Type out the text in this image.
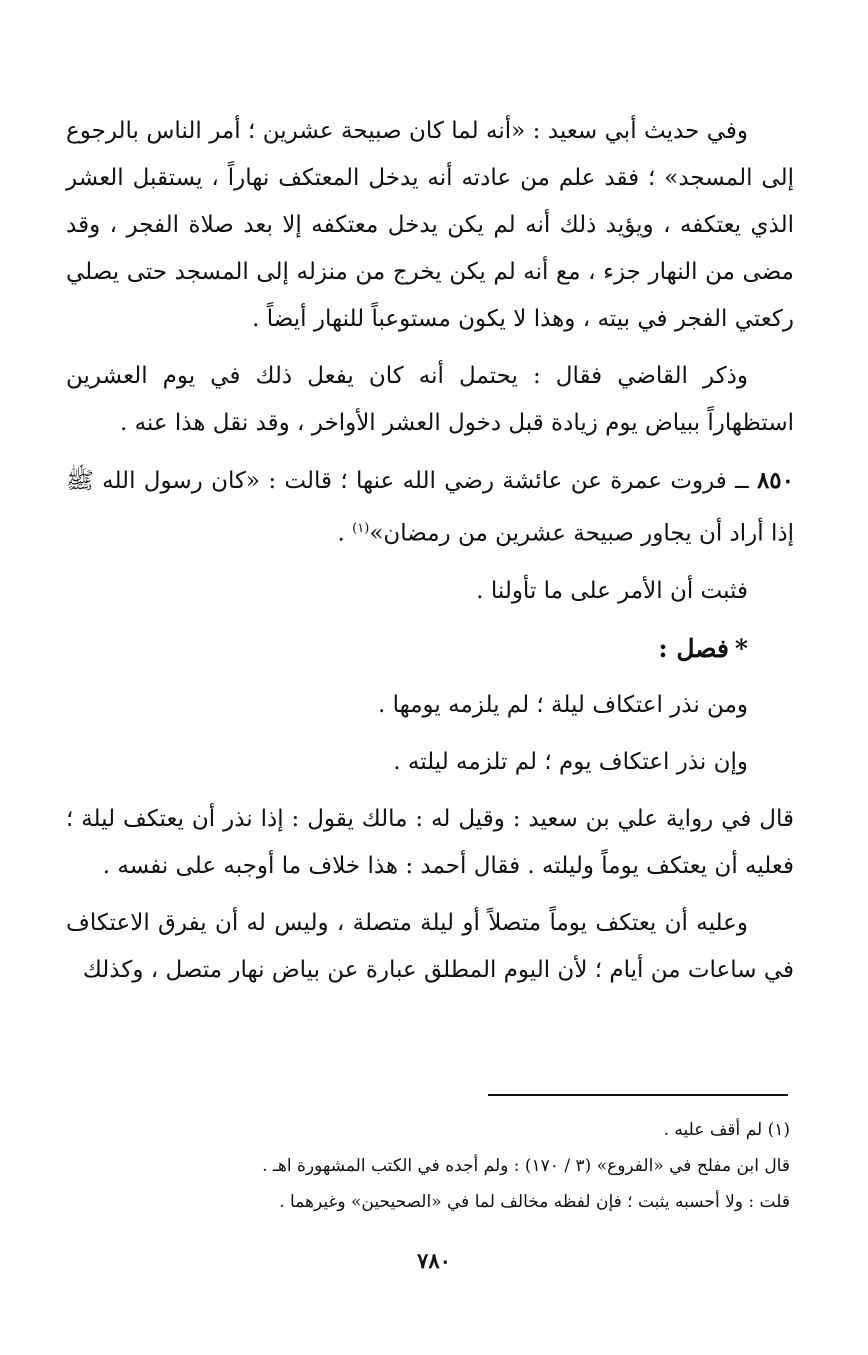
وفي حديث أبي سعيد : «أنه لما كان صبيحة عشرين ؛ أمر الناس بالرجوع إلى المسجد» ؛ فقد علم من عادته أنه يدخل المعتكف نهاراً ، يستقبل العشر الذي يعتكفه ، ويؤيد ذلك أنه لم يكن يدخل معتكفه إلا بعد صلاة الفجر ، وقد مضى من النهار جزء ، مع أنه لم يكن يخرج من منزله إلى المسجد حتى يصلي ركعتي الفجر في بيته ، وهذا لا يكون مستوعباً للنهار أيضاً .

وذكر القاضي فقال : يحتمل أنه كان يفعل ذلك في يوم العشرين استظهاراً ببياض يوم زيادة قبل دخول العشر الأواخر ، وقد نقل هذا عنه .

٨٥٠ ــ فروت عمرة عن عائشة رضي الله عنها ؛ قالت : «كان رسول الله ﷺ إذا أراد أن يجاور صبيحة عشرين من رمضان»$^{(١)}$ .

فثبت أن الأمر على ما تأولنا .

*فصل :

ومن نذر اعتكاف ليلة ؛ لم يلزمه يومها .

وإن نذر اعتكاف يوم ؛ لم تلزمه ليلته .

قال في رواية علي بن سعيد : وقيل له : مالك يقول : إذا نذر أن يعتكف ليلة ؛ فعليه أن يعتكف يوماً وليلته . فقال أحمد : هذا خلاف ما أوجبه على نفسه .

وعليه أن يعتكف يوماً متصلاً أو ليلة متصلة ، وليس له أن يفرق الاعتكاف في ساعات من أيام ؛ لأن اليوم المطلق عبارة عن بياض نهار متصل ، وكذلك

(١) لم أقف عليه .

قال ابن مفلح في «الفروع» (٣ / ١٧٠) : ولم أجده في الكتب المشهورة اهـ .

قلت : ولا أحسبه يثبت ؛ فإن لفظه مخالف لما في «الصحيحين» وغيرهما .

٧٨٠
